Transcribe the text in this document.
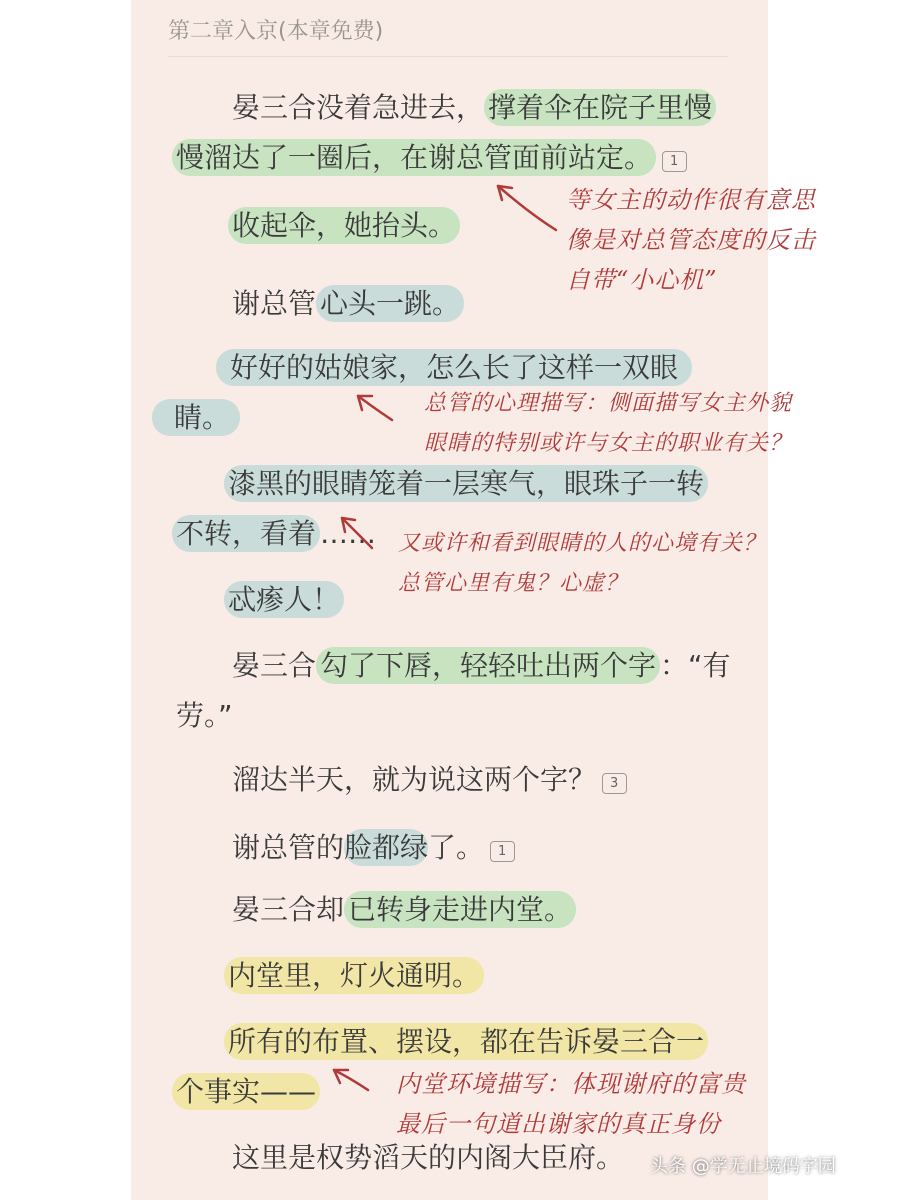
第二章入京(本章免费)
晏三合没着急进去， 撑着伞在院子里慢
慢溜达了一圈后，在谢总管面前站定。 1
收起伞，她抬头。
谢总管 心头一跳。
好好的姑娘家，怎么长了这样一双眼
睛。
漆黑的眼睛笼着一层寒气，眼珠子一转
不转，看着 ……
忒瘆人！
晏三合 勾了下唇，轻轻吐出两个字 ：“有
劳。”
溜达半天，就为说这两个字？ 3
谢总管的脸都绿了。 1
晏三合却 已转身走进内堂。
内堂里，灯火通明。
所有的布置、摆设，都在告诉晏三合一
个事实——
这里是权势滔天的内阁大臣府。
等女主的动作很有意思
像是对总管态度的反击
自带“小心机”
总管的心理描写：侧面描写女主外貌
眼睛的特别或许与女主的职业有关？
又或许和看到眼睛的人的心境有关？
总管心里有鬼？心虚？
内堂环境描写：体现谢府的富贵
最后一句道出谢家的真正身份
头条 @学无止境码字园
